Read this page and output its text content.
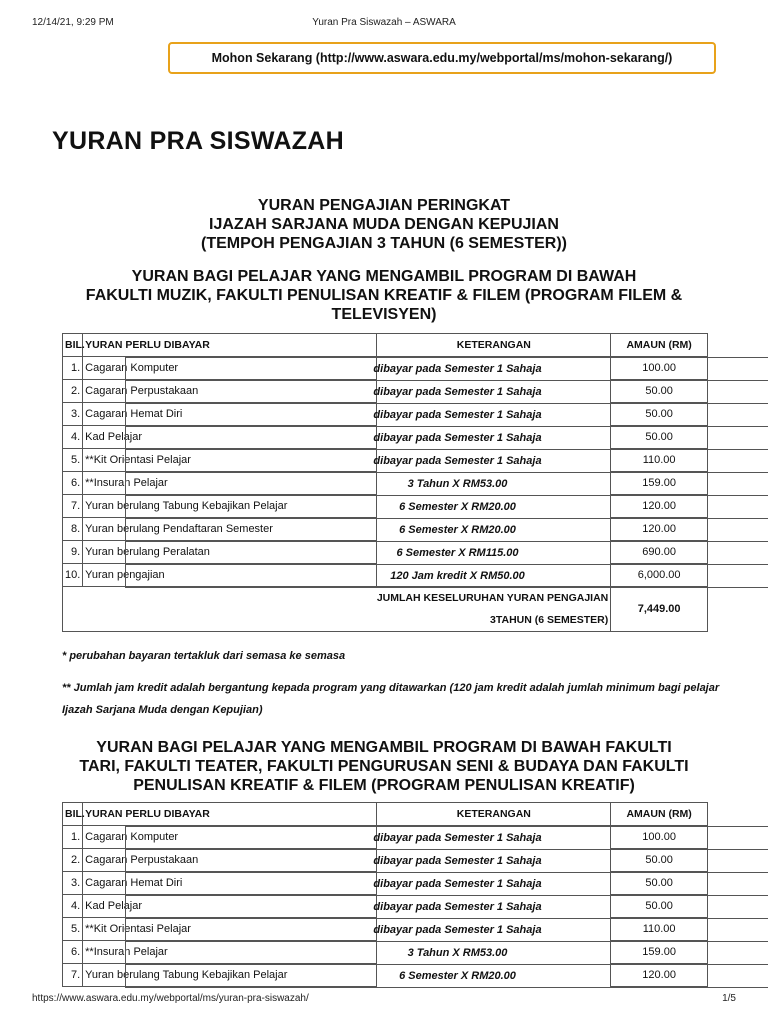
12/14/21, 9:29 PM	Yuran Pra Siswazah – ASWARA
Mohon Sekarang (http://www.aswara.edu.my/webportal/ms/mohon-sekarang/)
YURAN PRA SISWAZAH
YURAN PENGAJIAN PERINGKAT
IJAZAH SARJANA MUDA DENGAN KEPUJIAN
(TEMPOH PENGAJIAN 3 TAHUN (6 SEMESTER))
YURAN BAGI PELAJAR YANG MENGAMBIL PROGRAM DI BAWAH
FAKULTI MUZIK, FAKULTI PENULISAN KREATIF & FILEM (PROGRAM FILEM &
TELEVISYEN)
BIL.	YURAN PERLU DIBAYAR	KETERANGAN	AMAUN (RM)
1.	Cagaran Komputer		dibayar pada Semester 1 Sahaja	100.00
2.	Cagaran Perpustakaan		dibayar pada Semester 1 Sahaja	50.00
3.	Cagaran Hemat Diri		dibayar pada Semester 1 Sahaja	50.00
4.	Kad Pelajar		dibayar pada Semester 1 Sahaja	50.00
5.	**Kit Orientasi Pelajar		dibayar pada Semester 1 Sahaja	110.00
6.	**Insuran Pelajar		3 Tahun X RM53.00	159.00
7.	Yuran berulang Tabung Kebajikan Pelajar		6 Semester X RM20.00	120.00
8.	Yuran berulang Pendaftaran Semester		6 Semester X RM20.00	120.00
9.	Yuran berulang Peralatan		6 Semester X RM115.00	690.00
10.	Yuran pengajian		120 Jam kredit X RM50.00	6,000.00

JUMLAH KESELURUHAN YURAN PENGAJIAN
3TAHUN (6 SEMESTER)			7,449.00

* perubahan bayaran tertakluk dari semasa ke semasa

** Jumlah jam kredit adalah bergantung kepada program yang ditawarkan (120 jam kredit adalah jumlah minimum bagi pelajar Ijazah Sarjana Muda dengan Kepujian)

YURAN BAGI PELAJAR YANG MENGAMBIL PROGRAM DI BAWAH FAKULTI
TARI, FAKULTI TEATER, FAKULTI PENGURUSAN SENI & BUDAYA DAN FAKULTI
PENULISAN KREATIF & FILEM (PROGRAM PENULISAN KREATIF)
BIL.	YURAN PERLU DIBAYAR	KETERANGAN	AMAUN (RM)
1.	Cagaran Komputer		dibayar pada Semester 1 Sahaja	100.00
2.	Cagaran Perpustakaan		dibayar pada Semester 1 Sahaja	50.00
3.	Cagaran Hemat Diri		dibayar pada Semester 1 Sahaja	50.00
4.	Kad Pelajar		dibayar pada Semester 1 Sahaja	50.00
5.	**Kit Orientasi Pelajar		dibayar pada Semester 1 Sahaja	110.00
6.	**Insuran Pelajar		3 Tahun X RM53.00	159.00
7.	Yuran berulang Tabung Kebajikan Pelajar		6 Semester X RM20.00	120.00
https://www.aswara.edu.my/webportal/ms/yuran-pra-siswazah/	1/5
